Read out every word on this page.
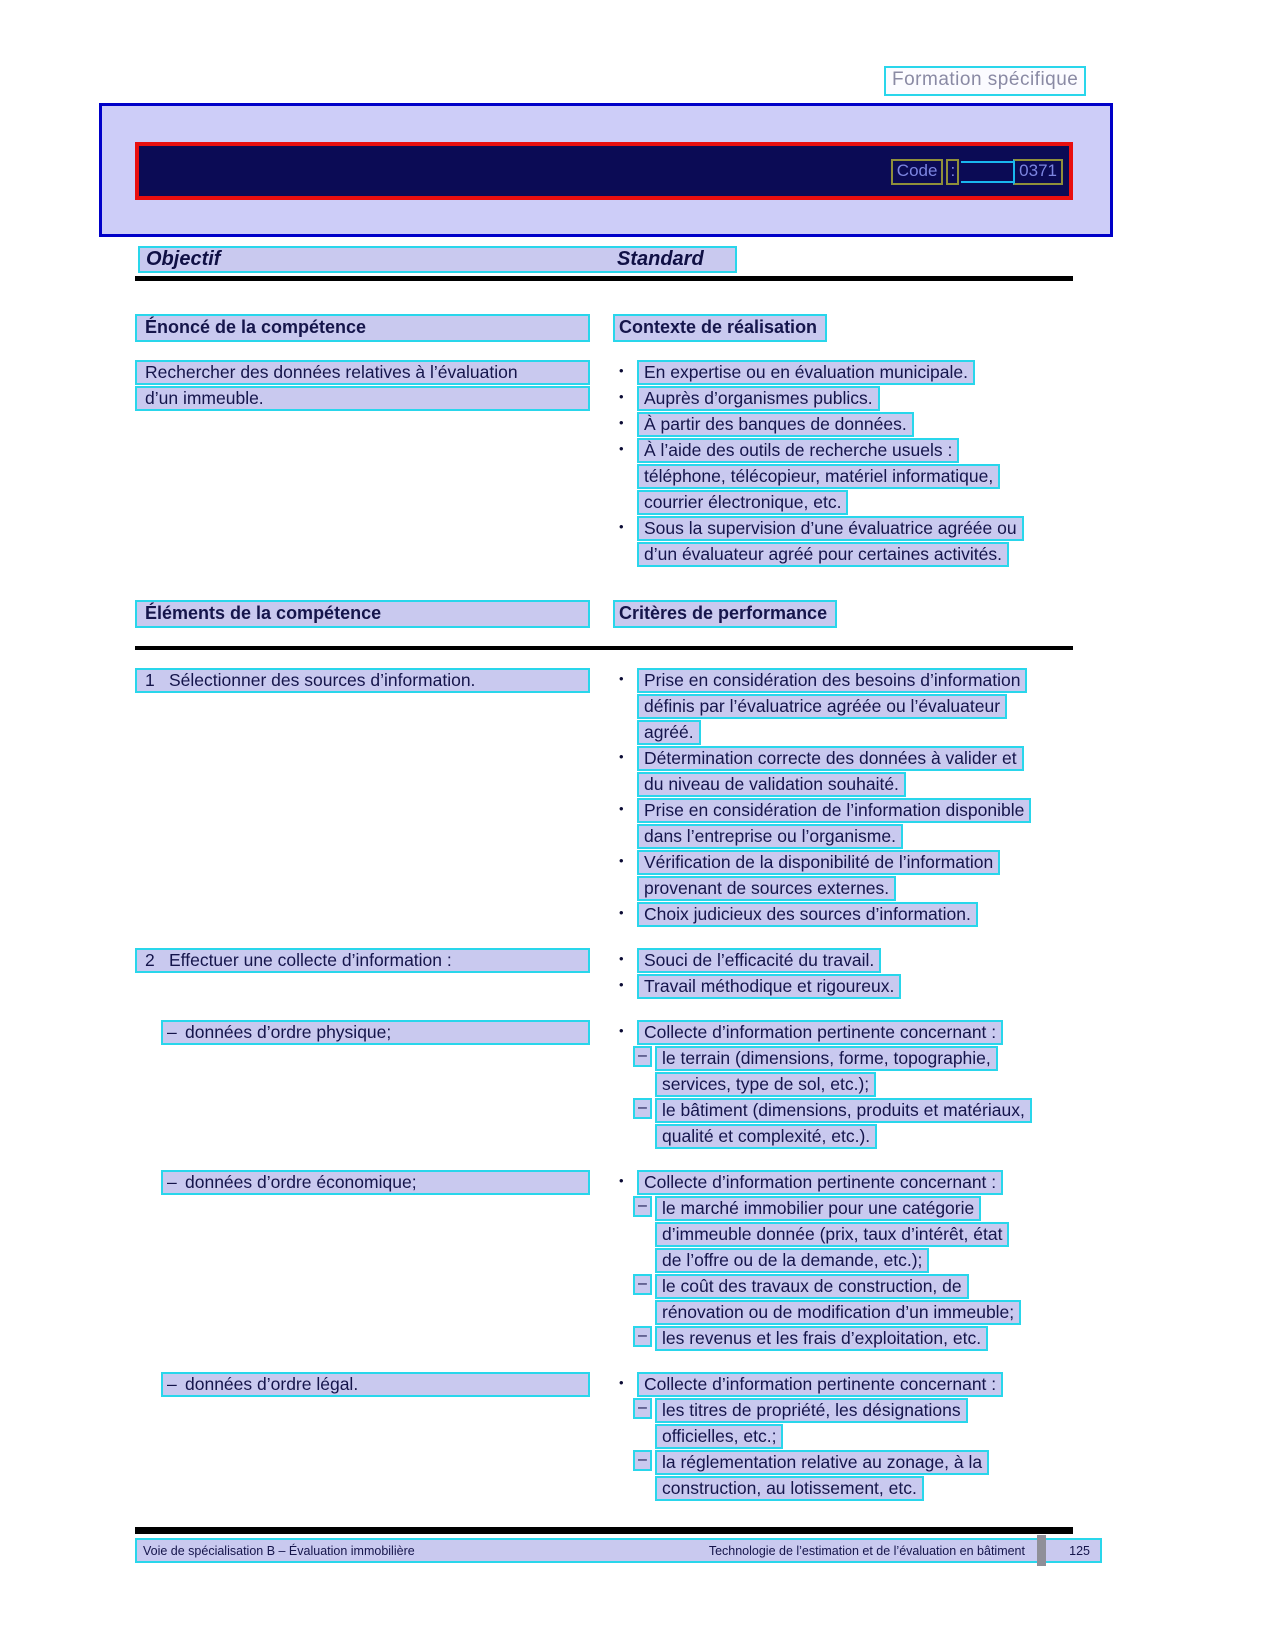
Formation spécifique
Code :	0371
Objectif	Standard
Énoncé de la compétence	Contexte de réalisation
Rechercher des données relatives à l’évaluation
d’un immeuble.
•	En expertise ou en évaluation municipale.
•	Auprès d’organismes publics.
•	À partir des banques de données.
•	À l’aide des outils de recherche usuels :
téléphone, télécopieur, matériel informatique,
courrier électronique, etc.
•	Sous la supervision d’une évaluatrice agréée ou
d’un évaluateur agréé pour certaines activités.
Éléments de la compétence	Critères de performance
1 Sélectionner des sources d’information.	•	Prise en considération des besoins d’information
définis par l’évaluatrice agréée ou l’évaluateur
agréé.
•	Détermination correcte des données à valider et
du niveau de validation souhaité.
•	Prise en considération de l’information disponible
dans l’entreprise ou l’organisme.
•	Vérification de la disponibilité de l’information
provenant de sources externes.
•	Choix judicieux des sources d’information.
2 Effectuer une collecte d’information :	•	Souci de l’efficacité du travail.
•	Travail méthodique et rigoureux.
– données d’ordre physique;	•	Collecte d’information pertinente concernant :
– le terrain (dimensions, forme, topographie,
services, type de sol, etc.);
– le bâtiment (dimensions, produits et matériaux,
qualité et complexité, etc.).
– données d’ordre économique;	•	Collecte d’information pertinente concernant :
– le marché immobilier pour une catégorie
d’immeuble donnée (prix, taux d’intérêt, état
de l’offre ou de la demande, etc.);
– le coût des travaux de construction, de
rénovation ou de modification d’un immeuble;
– les revenus et les frais d’exploitation, etc.
– données d’ordre légal.	•	Collecte d’information pertinente concernant :
– les titres de propriété, les désignations
officielles, etc.;
– la réglementation relative au zonage, à la
construction, au lotissement, etc.
Voie de spécialisation B – Évaluation immobilière	Technologie de l’estimation et de l’évaluation en bâtiment	125
